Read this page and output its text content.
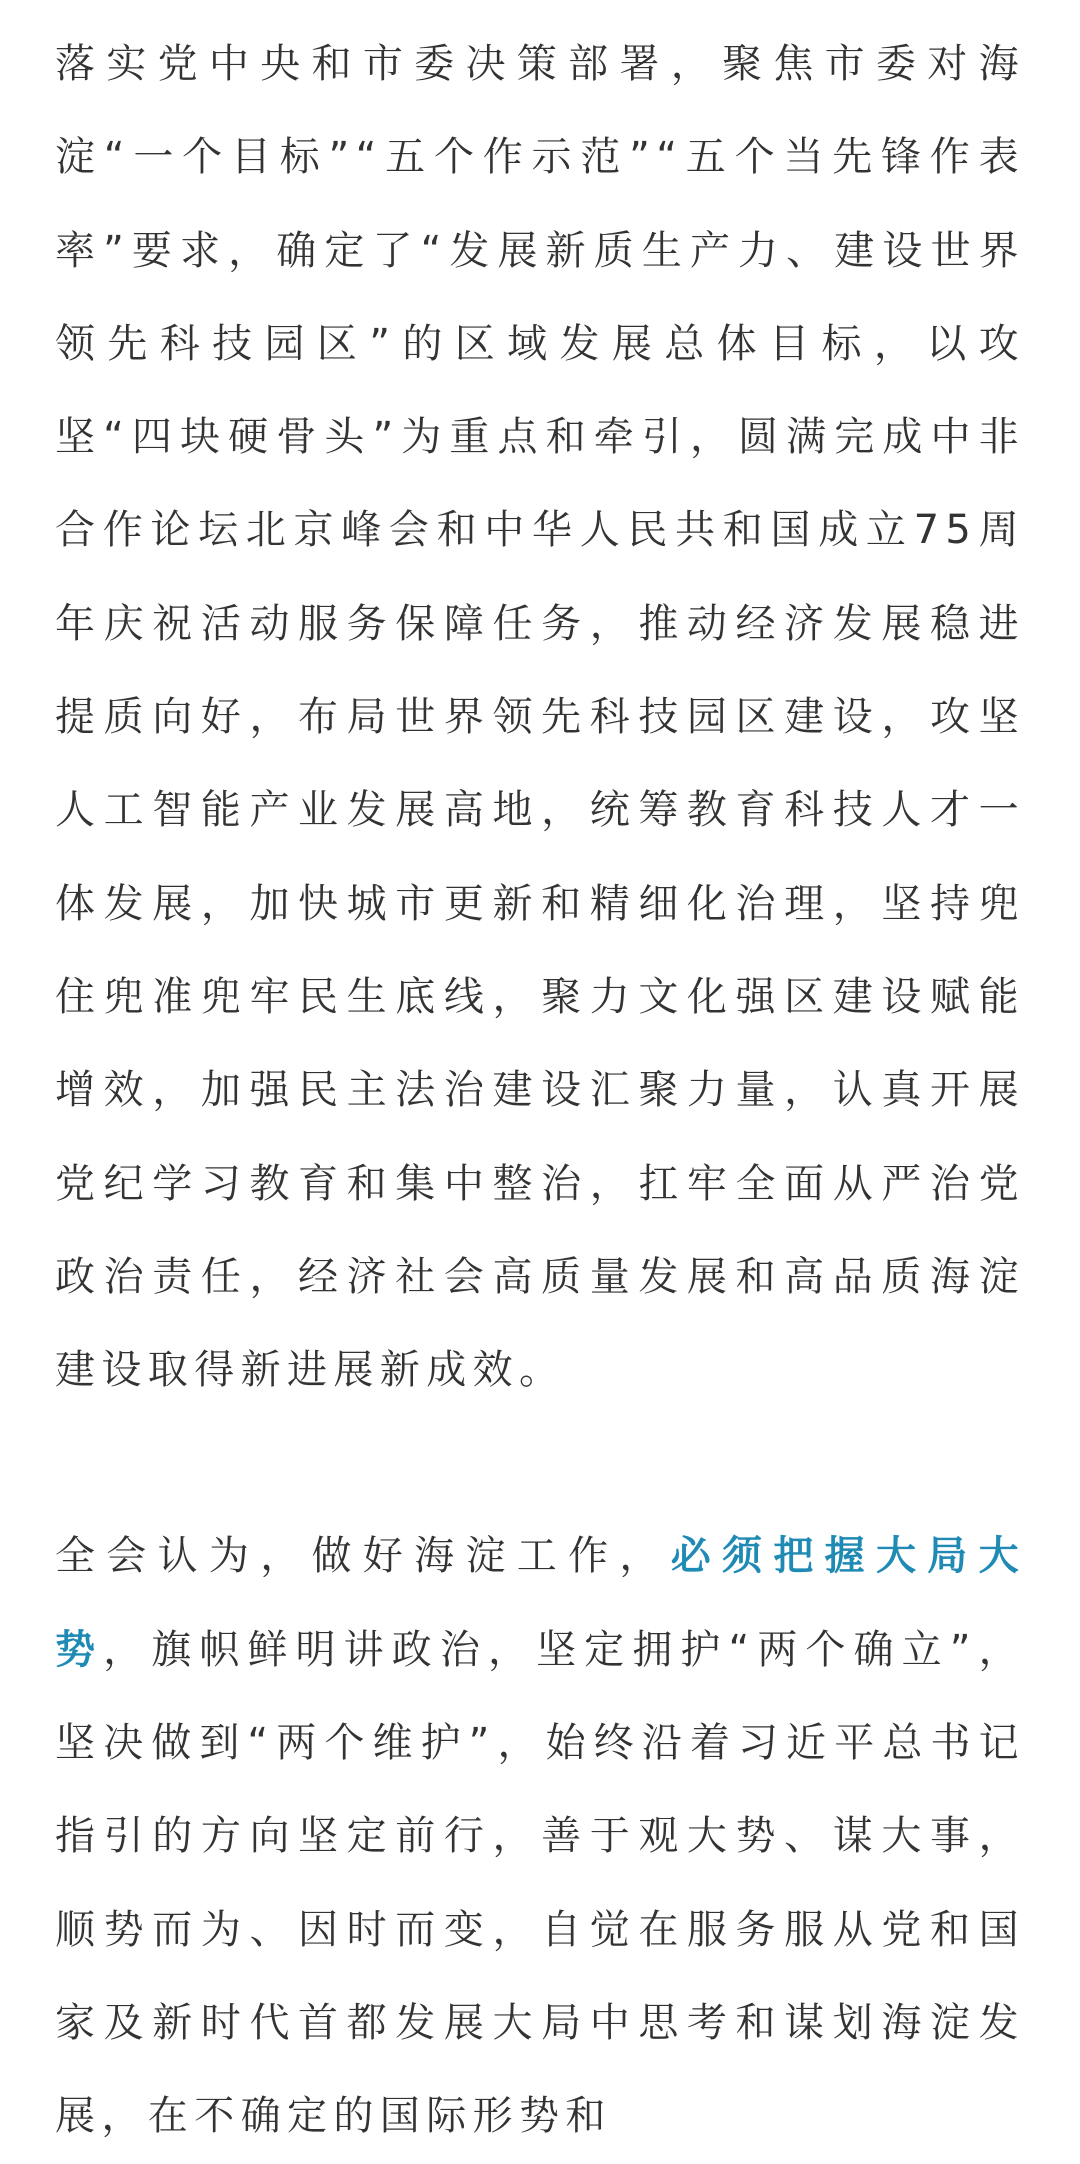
落实党中央和市委决策部署，聚焦市委对海淀“一个目标”“五个作示范”“五个当先锋作表率”要求，确定了“发展新质生产力、建设世界领先科技园区”的区域发展总体目标，以攻坚“四块硬骨头”为重点和牵引，圆满完成中非合作论坛北京峰会和中华人民共和国成立75周年庆祝活动服务保障任务，推动经济发展稳进提质向好，布局世界领先科技园区建设，攻坚人工智能产业发展高地，统筹教育科技人才一体发展，加快城市更新和精细化治理，坚持兜住兜准兜牢民生底线，聚力文化强区建设赋能增效，加强民主法治建设汇聚力量，认真开展党纪学习教育和集中整治，扛牢全面从严治党政治责任，经济社会高质量发展和高品质海淀建设取得新进展新成效。

全会认为，做好海淀工作，必须把握大局大势，旗帜鲜明讲政治，坚定拥护“两个确立”，坚决做到“两个维护”，始终沿着习近平总书记指引的方向坚定前行，善于观大势、谋大事，顺势而为、因时而变，自觉在服务服从党和国家及新时代首都发展大局中思考和谋划海淀发展，在不确定的国际形势和
